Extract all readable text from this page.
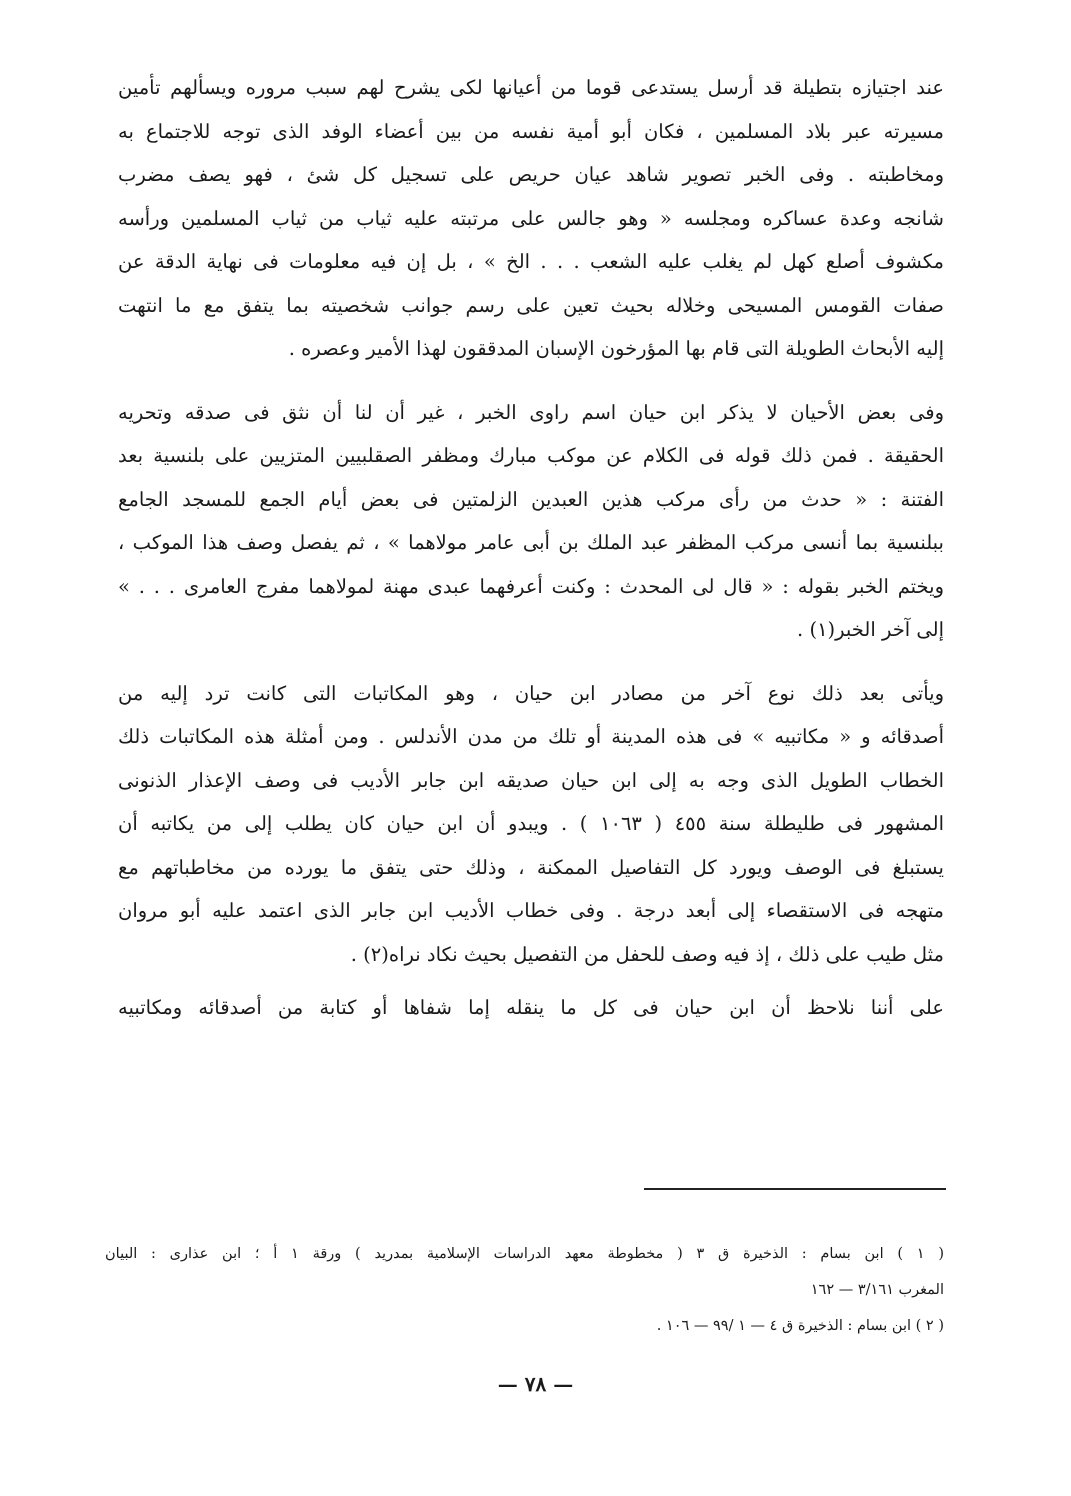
عند اجتيازه بتطيلة قد أرسل يستدعى قوما من أعيانها لكى يشرح لهم سبب مروره ويسألهم تأمين
مسيرته عبر بلاد المسلمين ، فكان أبو أمية نفسه من بين أعضاء الوفد الذى توجه للاجتماع به
ومخاطبته . وفى الخبر تصوير شاهد عيان حريص على تسجيل كل شئ ، فهو يصف مضرب
شانجه وعدة عساكره ومجلسه « وهو جالس على مرتبته عليه ثياب من ثياب المسلمين ورأسه
مكشوف أصلع كهل لم يغلب عليه الشعب . . . الخ » ، بل إن فيه معلومات فى نهاية الدقة عن
صفات القومس المسيحى وخلاله بحيث تعين على رسم جوانب شخصيته بما يتفق مع ما انتهت
إليه الأبحاث الطويلة التى قام بها المؤرخون الإسبان المدققون لهذا الأمير وعصره .

وفى بعض الأحيان لا يذكر ابن حيان اسم راوى الخبر ، غير أن لنا أن نثق فى صدقه وتحريه
الحقيقة . فمن ذلك قوله فى الكلام عن موكب مبارك ومظفر الصقلبيين المتزيين على بلنسية بعد
الفتنة : « حدث من رأى مركب هذين العبدين الزلمتين فى بعض أيام الجمع للمسجد الجامع
ببلنسية بما أنسى مركب المظفر عبد الملك بن أبى عامر مولاهما » ، ثم يفصل وصف هذا الموكب ،
ويختم الخبر بقوله : « قال لى المحدث : وكنت أعرفهما عبدى مهنة لمولاهما مفرج العامرى . . . »
إلى آخر الخبر(١) .

ويأتى بعد ذلك نوع آخر من مصادر ابن حيان ، وهو المكاتبات التى كانت ترد إليه من
أصدقائه و « مكاتبيه » فى هذه المدينة أو تلك من مدن الأندلس . ومن أمثلة هذه المكاتبات ذلك
الخطاب الطويل الذى وجه به إلى ابن حيان صديقه ابن جابر الأديب فى وصف الإعذار الذنونى
المشهور فى طليطلة سنة ٤٥٥ ( ١٠٦٣ ) . ويبدو أن ابن حيان كان يطلب إلى من يكاتبه أن
يستبلغ فى الوصف ويورد كل التفاصيل الممكنة ، وذلك حتى يتفق ما يورده من مخاطباتهم مع
متهجه فى الاستقصاء إلى أبعد درجة . وفى خطاب الأديب ابن جابر الذى اعتمد عليه أبو مروان
مثل طيب على ذلك ، إذ فيه وصف للحفل من التفصيل بحيث نكاد نراه(٢) .

على أننا نلاحظ أن ابن حيان فى كل ما ينقله إما شفاها أو كتابة من أصدقائه ومكاتبيه

( ١ ) ابن بسام : الذخيرة ق ٣ ( مخطوطة معهد الدراسات الإسلامية بمدريد ) ورقة ١ أ ؛ ابن عذارى : البيان
المغرب ٣/١٦١ — ١٦٢
( ٢ ) ابن بسام : الذخيرة ق ٤ — ١ /٩٩ — ١٠٦ .
— ٧٨ —
